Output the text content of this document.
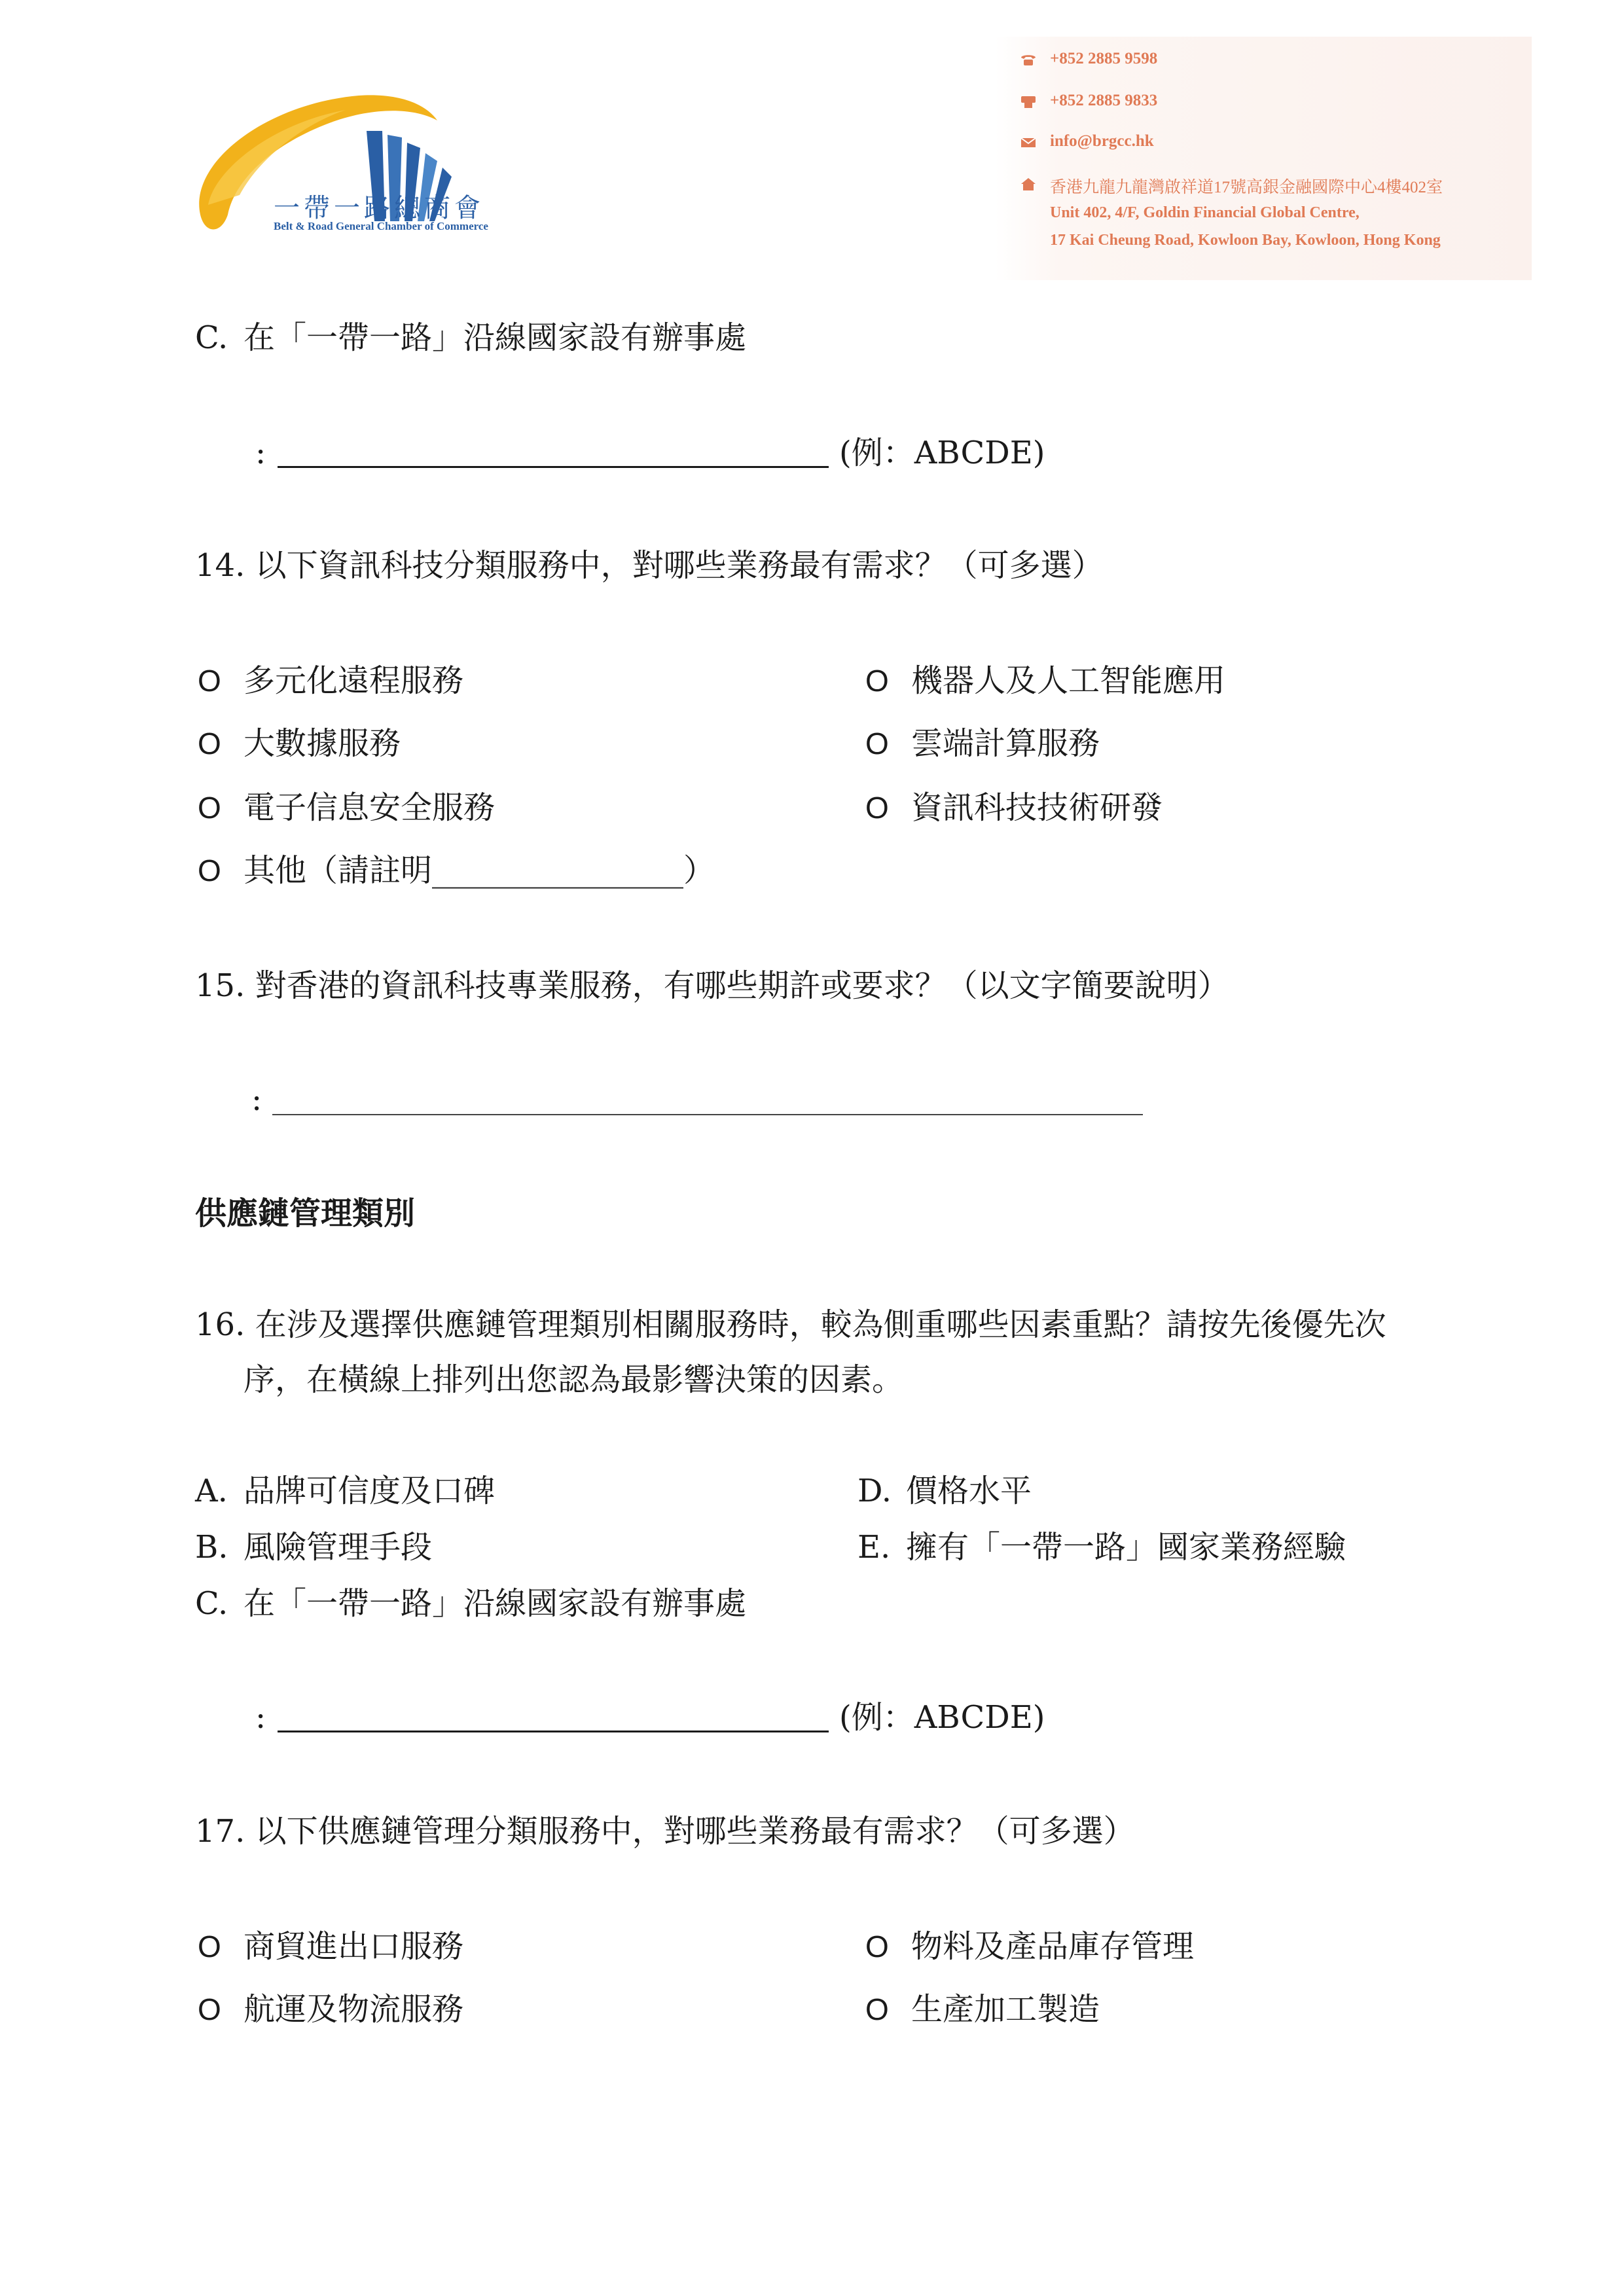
一帶一路總商會
Belt & Road General Chamber of Commerce
+852 2885 9598
+852 2885 9833
info@brgcc.hk
香港九龍九龍灣啟祥道17號高銀金融國際中心4樓402室
Unit 402, 4/F, Goldin Financial Global Centre,
17 Kai Cheung Road, Kowloon Bay, Kowloon, Hong Kong
C. 在「一帶一路」沿線國家設有辦事處
:	(例：ABCDE)
14. 以下資訊科技分類服務中，對哪些業務最有需求？（可多選）
O 多元化遠程服務	O 機器人及人工智能應用
O 大數據服務	O 雲端計算服務
O 電子信息安全服務	O 資訊科技技術研發
O 其他（請註明________________）
15. 對香港的資訊科技專業服務，有哪些期許或要求？（以文字簡要說明）
:
供應鏈管理類別
16. 在涉及選擇供應鏈管理類別相關服務時，較為側重哪些因素重點？請按先後優先次
序，在橫線上排列出您認為最影響決策的因素。
A. 品牌可信度及口碑	D. 價格水平
B. 風險管理手段	E. 擁有「一帶一路」國家業務經驗
C. 在「一帶一路」沿線國家設有辦事處
:	(例：ABCDE)
17. 以下供應鏈管理分類服務中，對哪些業務最有需求？（可多選）
O 商貿進出口服務	O 物料及產品庫存管理
O 航運及物流服務	O 生產加工製造
